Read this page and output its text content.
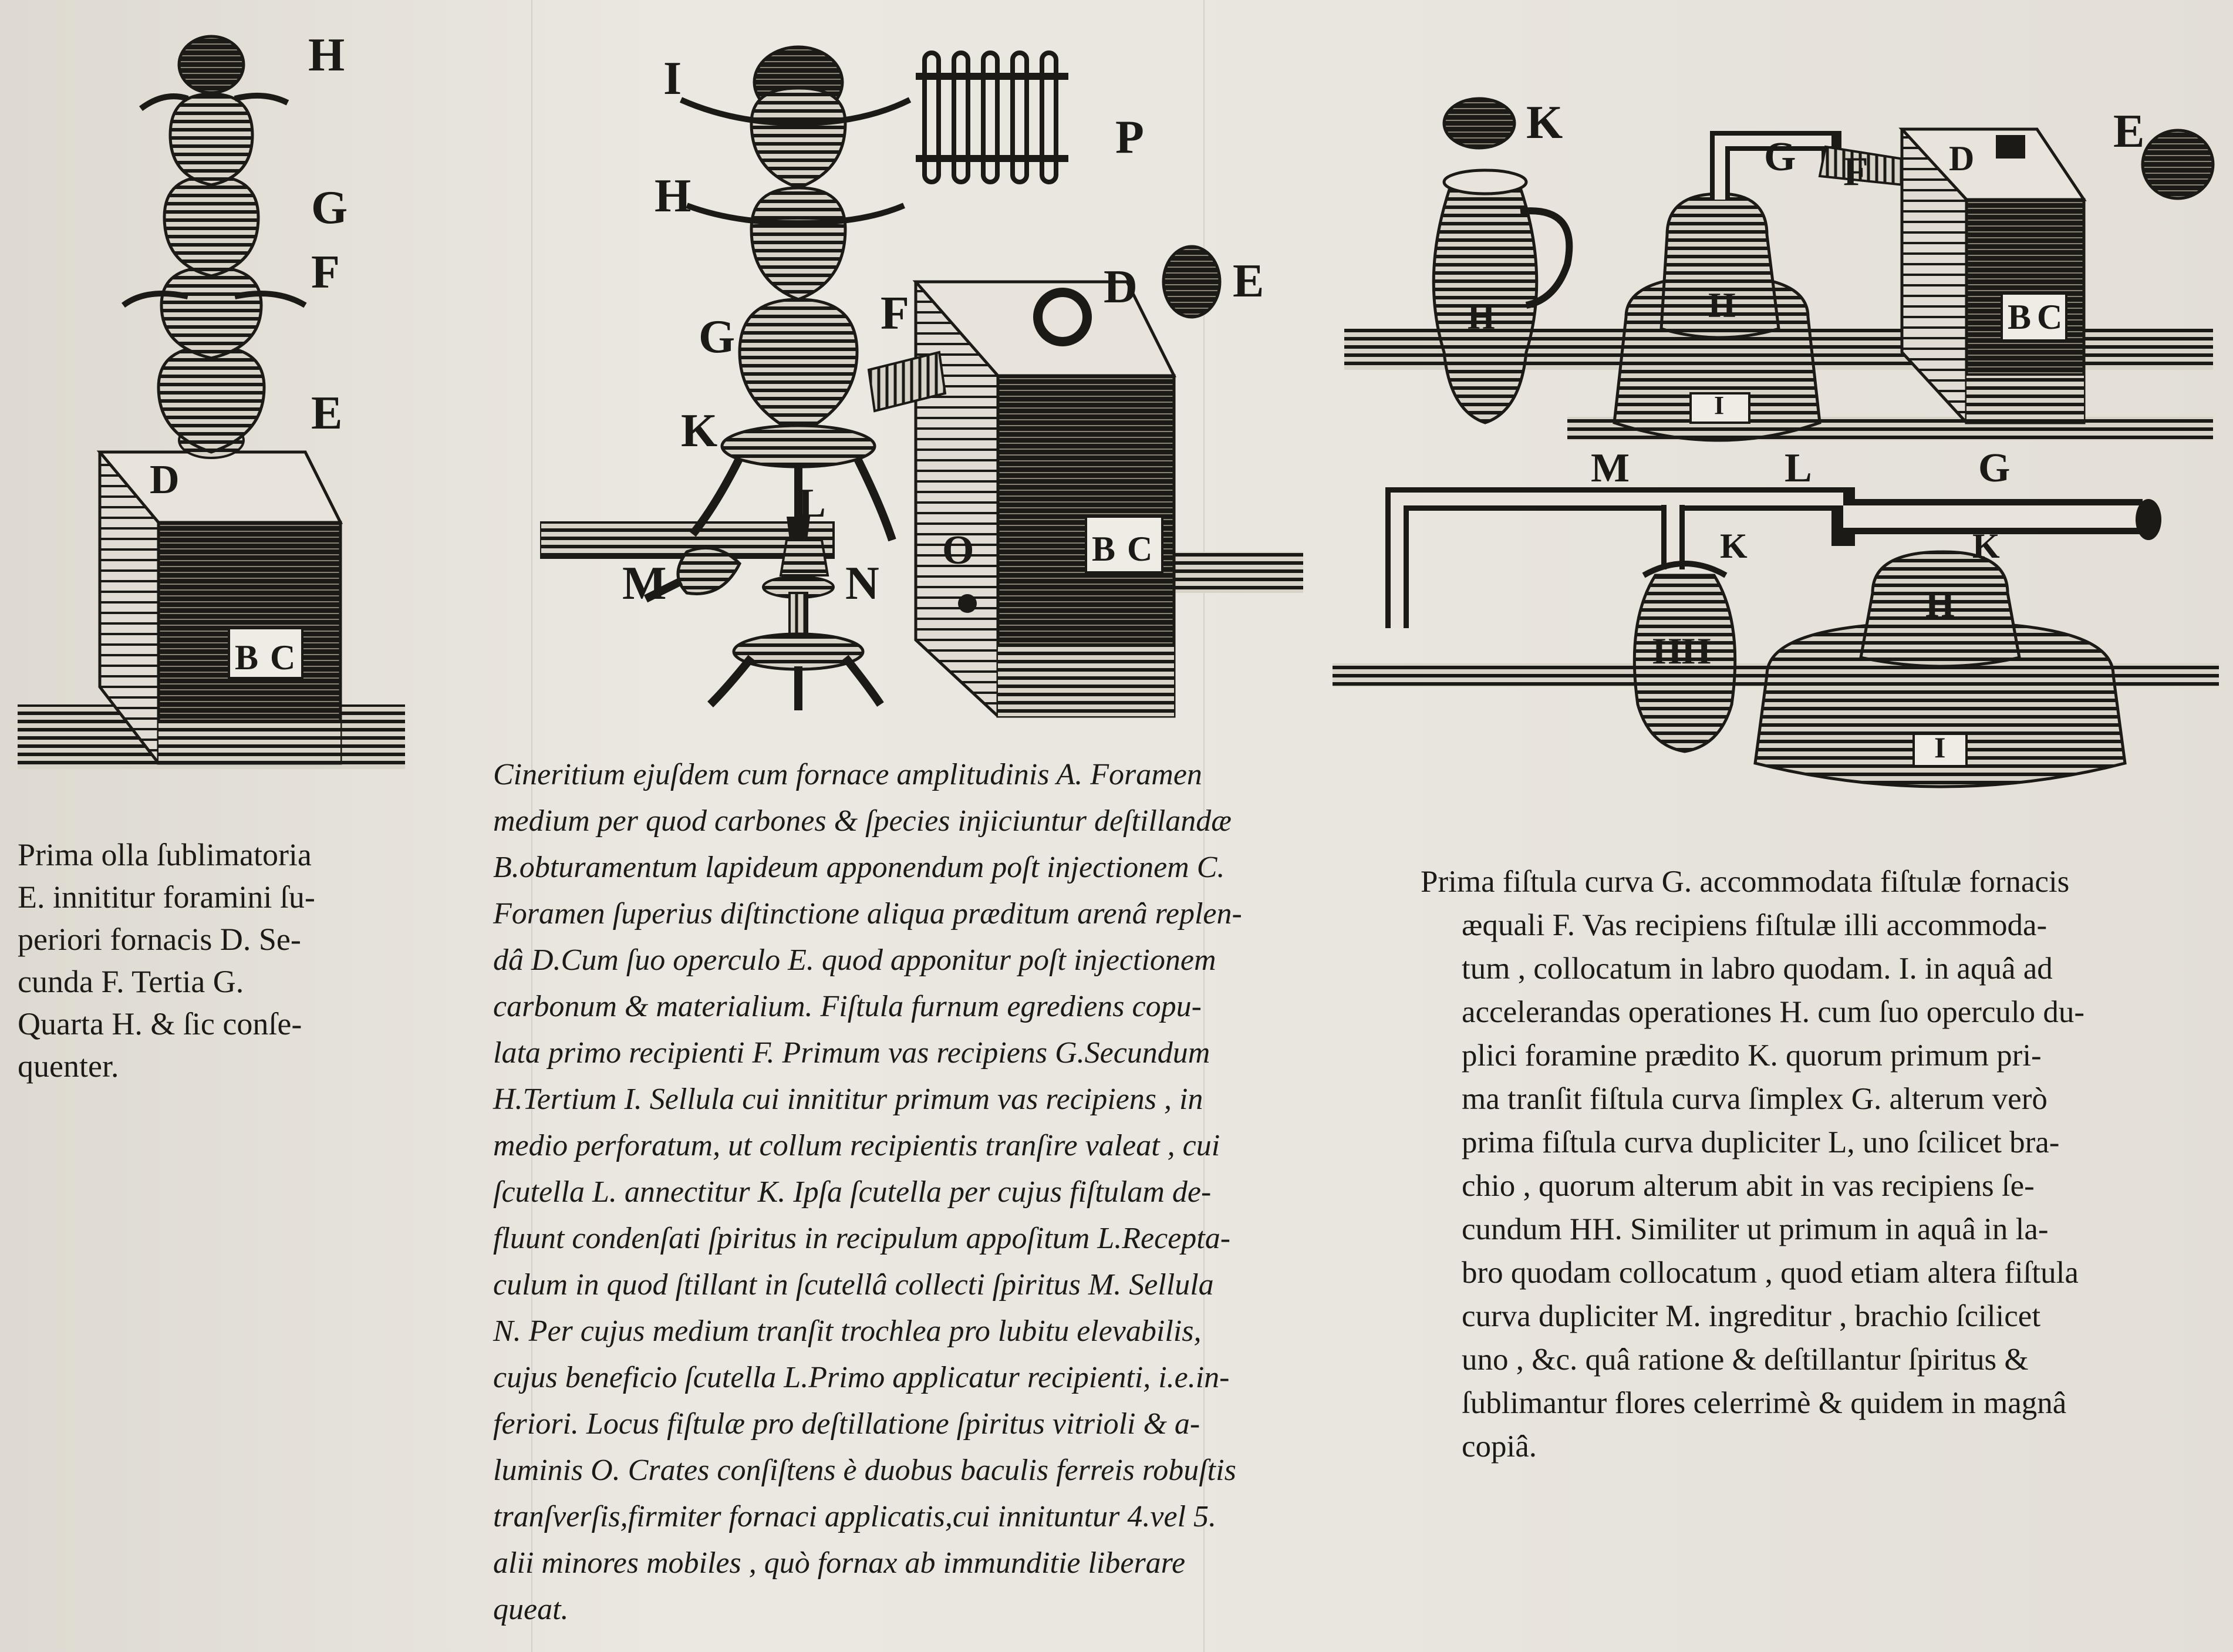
H
G
F
E
D
B C
I
H
G	F
K
L
M	N
O
P
D E
B C
K
G F D
E
H	H
I
B C
M	L	G
K	K
H
HH
I

Prima olla ſublimatoria

E. innititur foramini ſu-

periori fornacis D. Se-

cunda F. Tertia G.

Quarta H. & ſic conſe-

quenter.

Cineritium ejuſdem cum fornace amplitudinis A. Foramen

medium per quod carbones & ſpecies injiciuntur deſtillandæ

B.obturamentum lapideum apponendum poſt injectionem C.

Foramen ſuperius diſtinctione aliqua præditum arenâ replen-

dâ D.Cum ſuo operculo E. quod apponitur poſt injectionem

carbonum & materialium. Fiſtula furnum egrediens copu-

lata primo recipienti F. Primum vas recipiens G.Secundum

H.Tertium I. Sellula cui innititur primum vas recipiens , in

medio perforatum, ut collum recipientis tranſire valeat , cui

ſcutella L. annectitur K. Ipſa ſcutella per cujus fiſtulam de-

fluunt condenſati ſpiritus in recipulum appoſitum L.Recepta-

culum in quod ſtillant in ſcutellâ collecti ſpiritus M. Sellula

N. Per cujus medium tranſit trochlea pro lubitu elevabilis,

cujus beneficio ſcutella L.Primo applicatur recipienti, i.e.in-

feriori. Locus fiſtulæ pro deſtillatione ſpiritus vitrioli & a-

luminis O. Crates conſiſtens è duobus baculis ferreis robuſtis

tranſverſis,firmiter fornaci applicatis,cui innituntur 4.vel 5.

alii minores mobiles , quò fornax ab immunditie liberare

queat.

Prima fiſtula curva G. accommodata fiſtulæ fornacis

æquali F. Vas recipiens fiſtulæ illi accommoda-

tum , collocatum in labro quodam. I. in aquâ ad

accelerandas operationes H. cum ſuo operculo du-

plici foramine prædito K. quorum primum pri-

ma tranſit fiſtula curva ſimplex G. alterum verò

prima fiſtula curva dupliciter L, uno ſcilicet bra-

chio , quorum alterum abit in vas recipiens ſe-

cundum HH. Similiter ut primum in aquâ in la-

bro quodam collocatum , quod etiam altera fiſtula

curva dupliciter M. ingreditur , brachio ſcilicet

uno , &c. quâ ratione & deſtillantur ſpiritus &

ſublimantur flores celerrimè & quidem in magnâ

copiâ.
